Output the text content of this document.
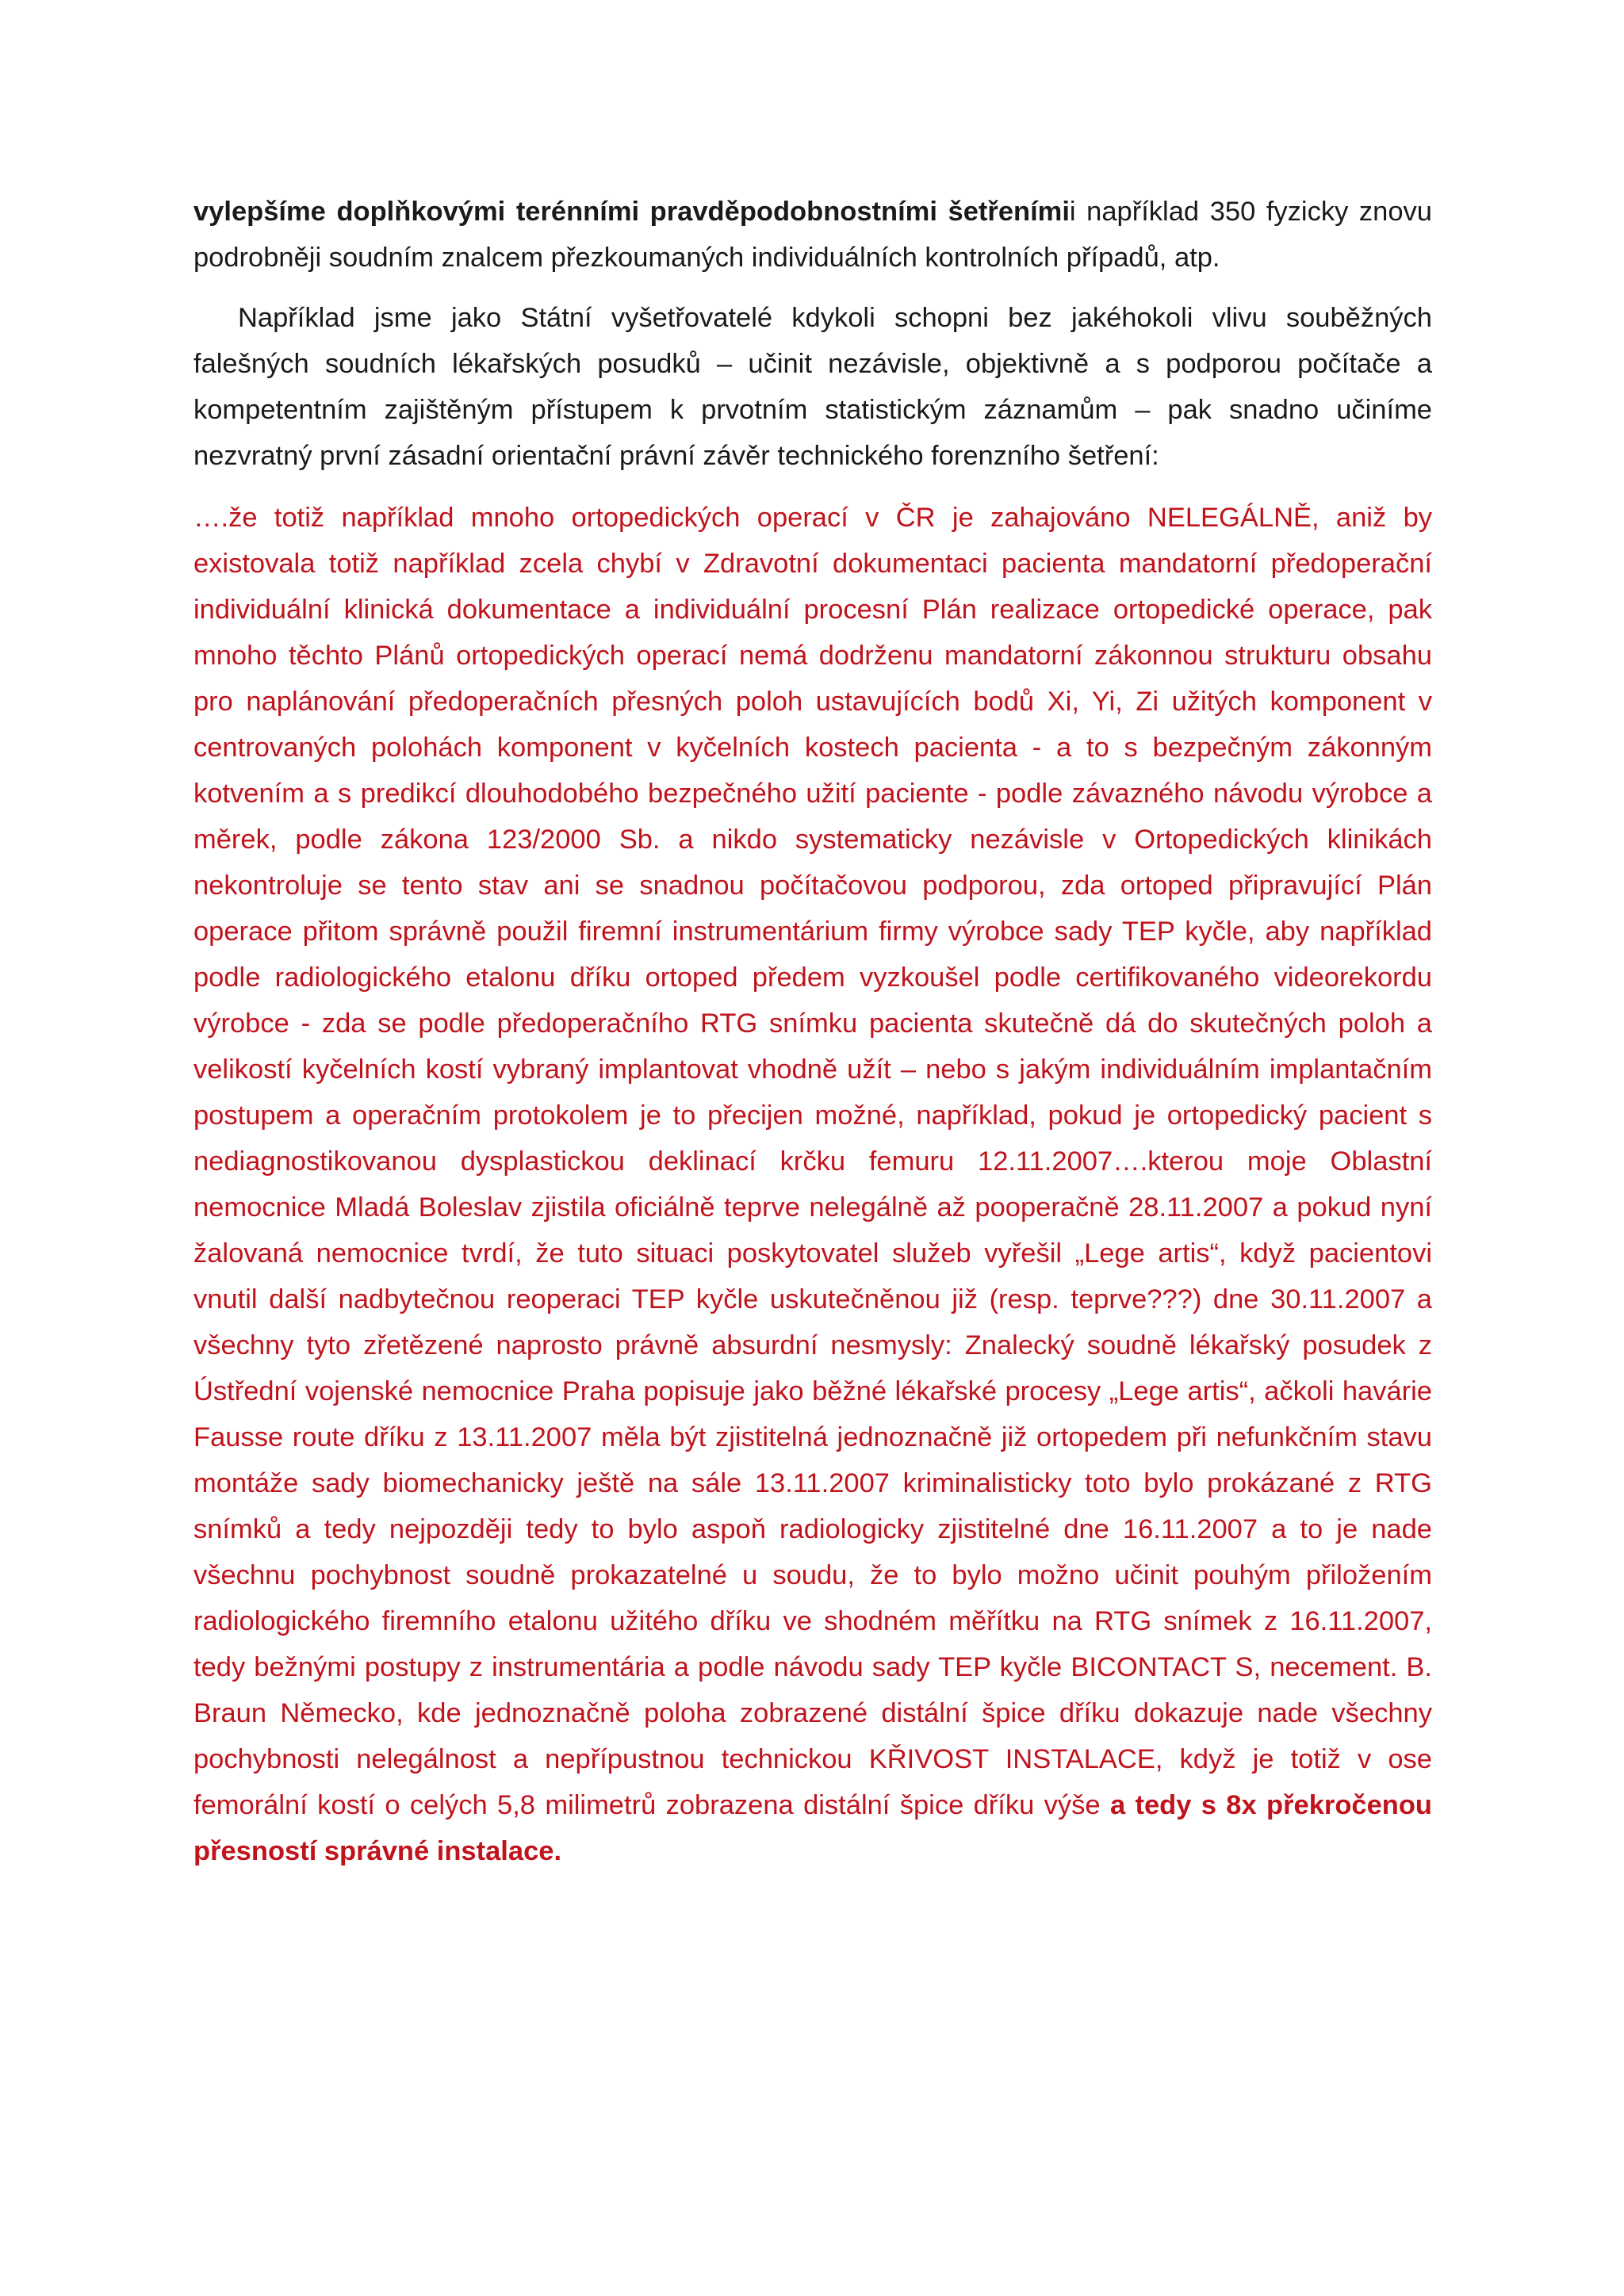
vylepšíme doplňkovými terénními pravděpodobnostními šetřenímii například 350 fyzicky znovu podrobněji soudním znalcem přezkoumaných individuálních kontrolních případů, atp.

Například jsme jako Státní vyšetřovatelé kdykoli schopni bez jakéhokoli vlivu souběžných falešných soudních lékařských posudků – učinit nezávisle, objektivně a s podporou počítače a kompetentním zajištěným přístupem k prvotním statistickým záznamům – pak snadno učiníme nezvratný první zásadní orientační právní závěr technického forenzního šetření:

….že totiž například mnoho ortopedických operací v ČR je zahajováno NELEGÁLNĚ, aniž by existovala totiž například zcela chybí v Zdravotní dokumentaci pacienta mandatorní předoperační individuální klinická dokumentace a individuální procesní Plán realizace ortopedické operace, pak mnoho těchto Plánů ortopedických operací nemá dodrženu mandatorní zákonnou strukturu obsahu pro naplánování předoperačních přesných poloh ustavujících bodů Xi, Yi, Zi užitých komponent v centrovaných polohách komponent v kyčelních kostech pacienta - a to s bezpečným zákonným kotvením a s predikcí dlouhodobého bezpečného užití paciente - podle závazného návodu výrobce a měrek, podle zákona 123/2000 Sb. a nikdo systematicky nezávisle v Ortopedických klinikách nekontroluje se tento stav ani se snadnou počítačovou podporou, zda ortoped připravující Plán operace přitom správně použil firemní instrumentárium firmy výrobce sady TEP kyčle, aby například podle radiologického etalonu dříku ortoped předem vyzkoušel podle certifikovaného videorekordu výrobce - zda se podle předoperačního RTG snímku pacienta skutečně dá do skutečných poloh a velikostí kyčelních kostí vybraný implantovat vhodně užít – nebo s jakým individuálním implantačním postupem a operačním protokolem je to přecijen možné, například, pokud je ortopedický pacient s nediagnostikovanou dysplastickou deklinací krčku femuru 12.11.2007….kterou moje Oblastní nemocnice Mladá Boleslav zjistila oficiálně teprve nelegálně až pooperačně 28.11.2007 a pokud nyní žalovaná nemocnice tvrdí, že tuto situaci poskytovatel služeb vyřešil „Lege artis“, když pacientovi vnutil další nadbytečnou reoperaci TEP kyčle uskutečněnou již (resp. teprve???) dne 30.11.2007 a všechny tyto zřetězené naprosto právně absurdní nesmysly: Znalecký soudně lékařský posudek z Ústřední vojenské nemocnice Praha popisuje jako běžné lékařské procesy „Lege artis“, ačkoli havárie Fausse route dříku z 13.11.2007 měla být zjistitelná jednoznačně již ortopedem při nefunkčním stavu montáže sady biomechanicky ještě na sále 13.11.2007 kriminalisticky toto bylo prokázané z RTG snímků a tedy nejpozději tedy to bylo aspoň radiologicky zjistitelné dne 16.11.2007 a to je nade všechnu pochybnost soudně prokazatelné u soudu, že to bylo možno učinit pouhým přiložením radiologického firemního etalonu užitého dříku ve shodném měřítku na RTG snímek z 16.11.2007, tedy bežnými postupy z instrumentária a podle návodu sady TEP kyčle BICONTACT S, necement. B. Braun Německo, kde jednoznačně poloha zobrazené distální špice dříku dokazuje nade všechny pochybnosti nelegálnost a nepřípustnou technickou KŘIVOST INSTALACE, když je totiž v ose femorální kostí o celých 5,8 milimetrů zobrazena distální špice dříku výše a tedy s 8x překročenou přesností správné instalace.
